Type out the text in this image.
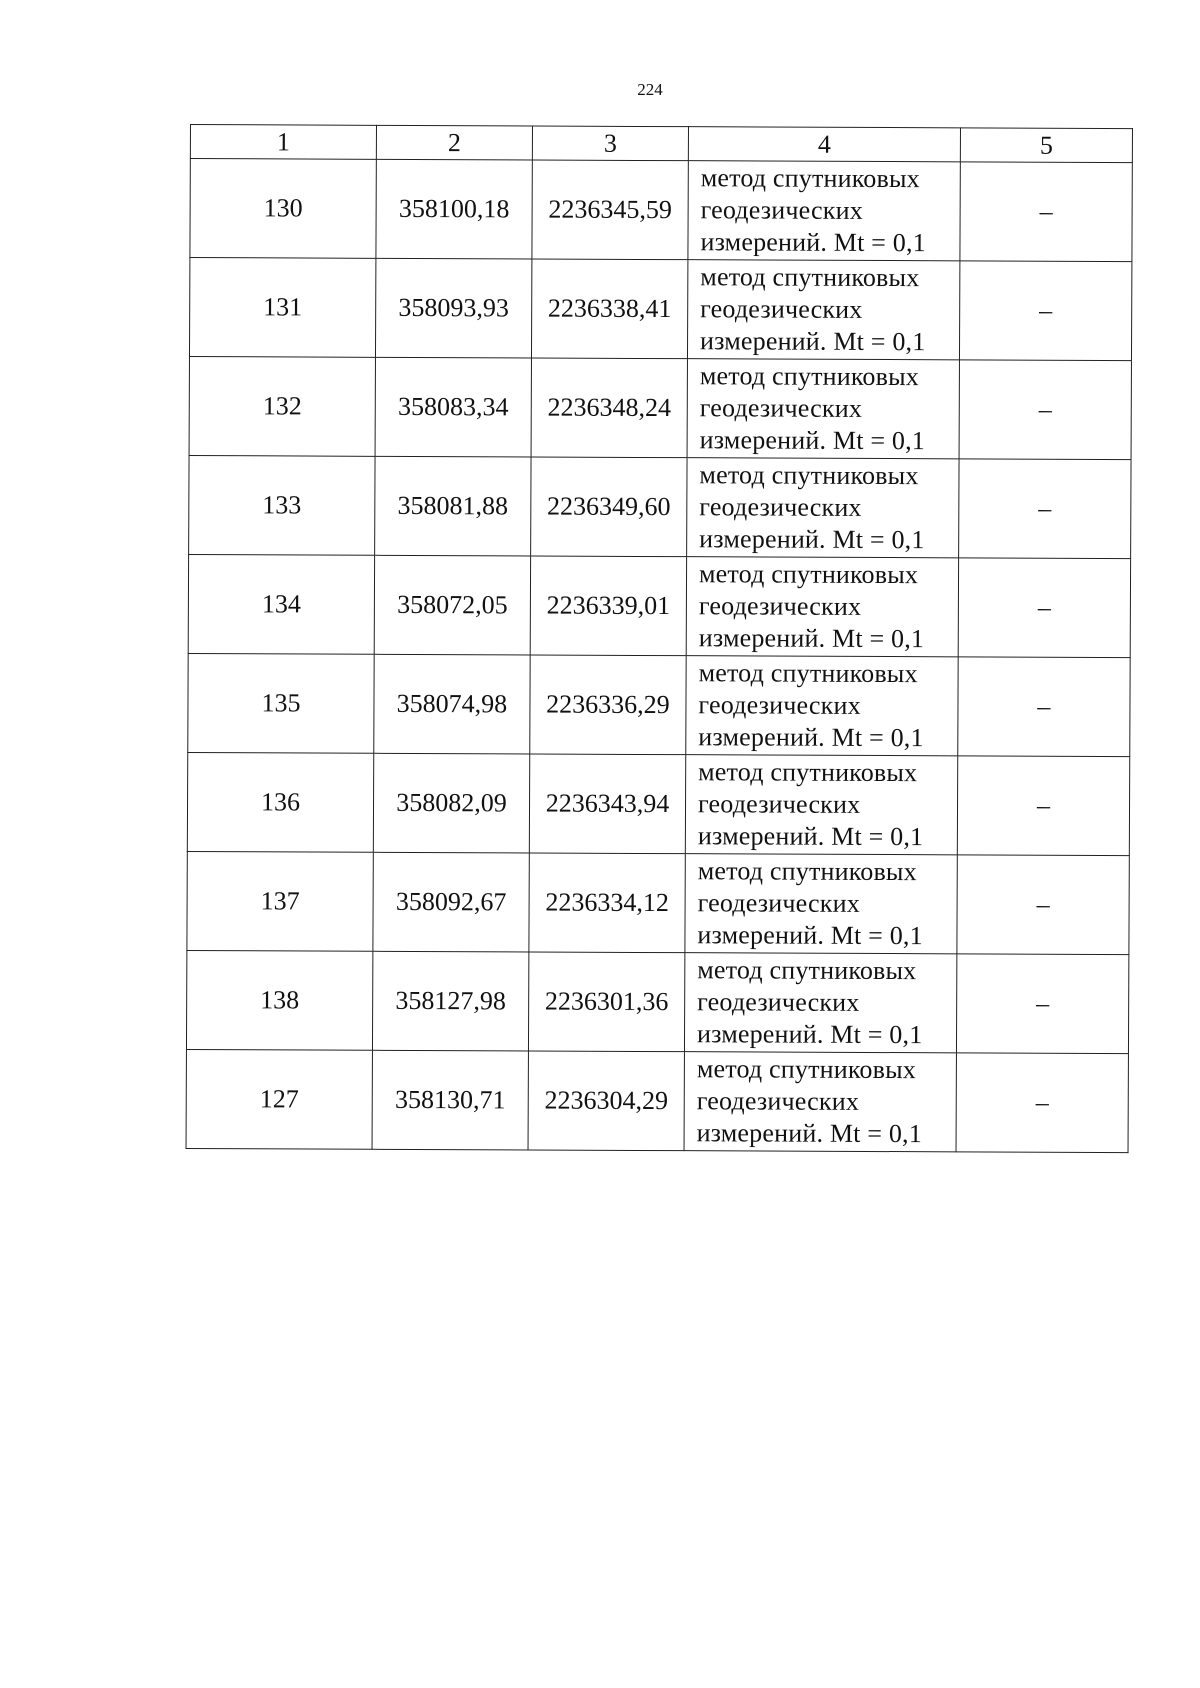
224
1	2	3	4	5
130	358100,18	2236345,59	метод спутниковых
геодезических
измерений. Mt = 0,1	–
131	358093,93	2236338,41	метод спутниковых
геодезических
измерений. Mt = 0,1	–
132	358083,34	2236348,24	метод спутниковых
геодезических
измерений. Mt = 0,1	–
133	358081,88	2236349,60	метод спутниковых
геодезических
измерений. Mt = 0,1	–
134	358072,05	2236339,01	метод спутниковых
геодезических
измерений. Mt = 0,1	–
135	358074,98	2236336,29	метод спутниковых
геодезических
измерений. Mt = 0,1	–
136	358082,09	2236343,94	метод спутниковых
геодезических
измерений. Mt = 0,1	–
137	358092,67	2236334,12	метод спутниковых
геодезических
измерений. Mt = 0,1	–
138	358127,98	2236301,36	метод спутниковых
геодезических
измерений. Mt = 0,1	–
127	358130,71	2236304,29	метод спутниковых
геодезических
измерений. Mt = 0,1	–
